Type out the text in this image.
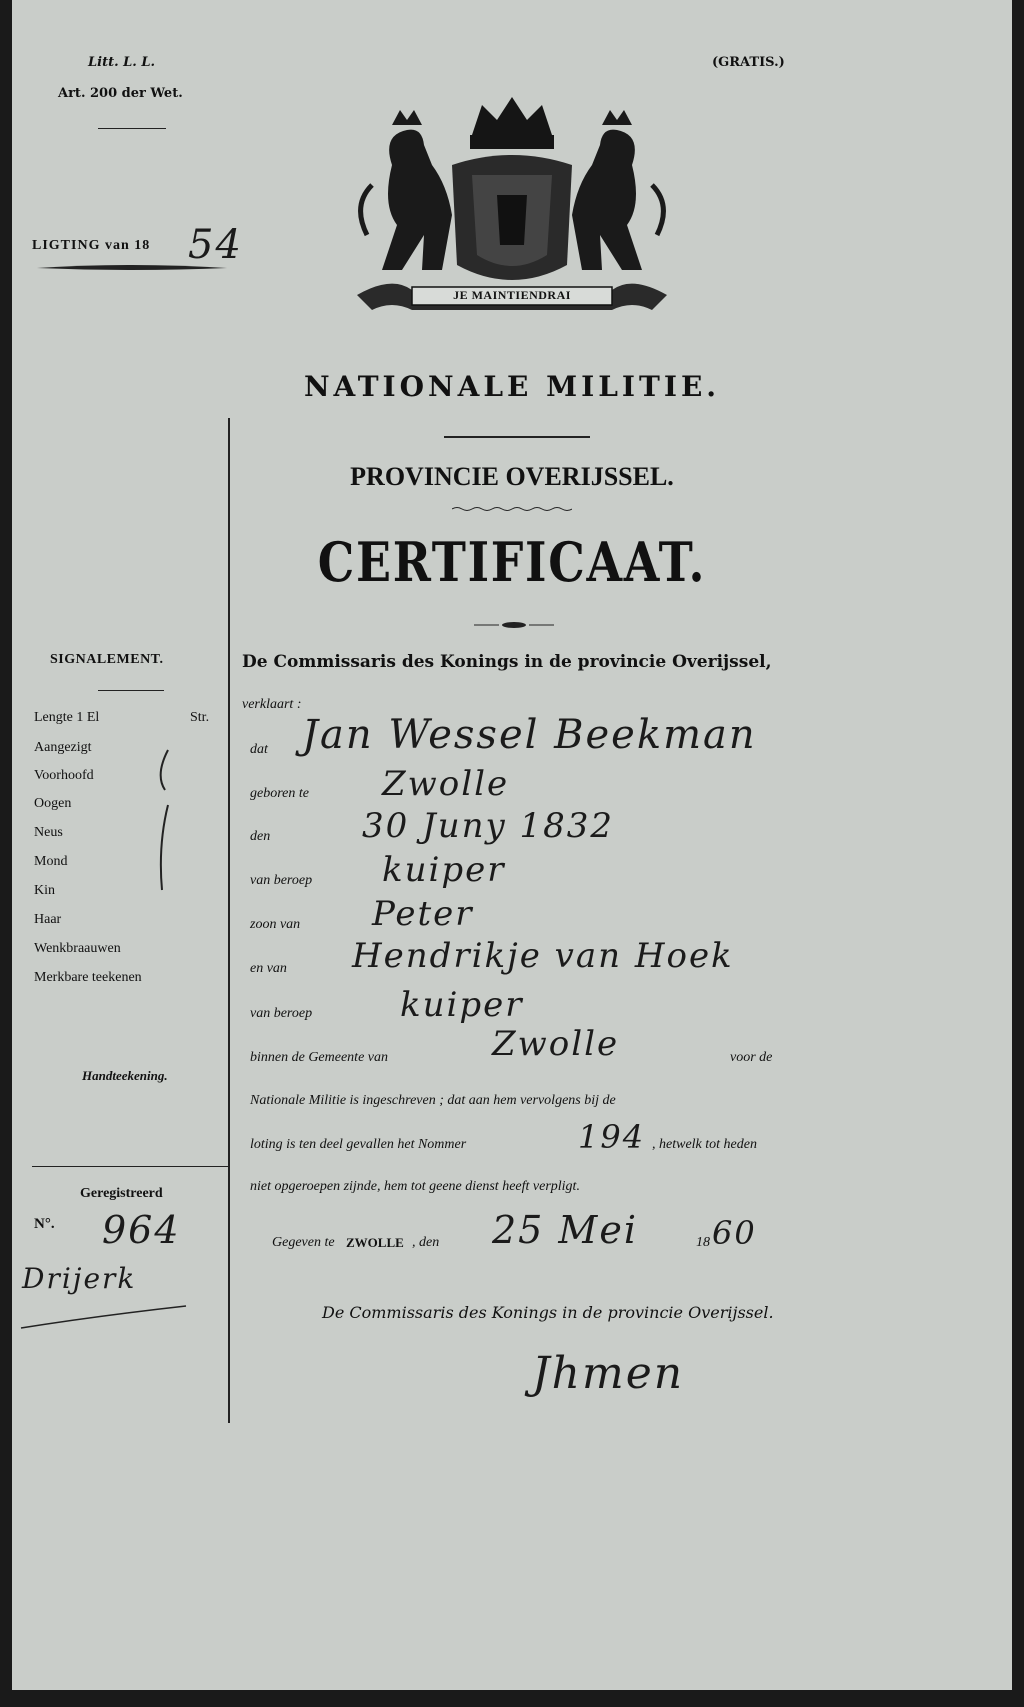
Litt. L. L.
Art. 200 der Wet.
(GRATIS.)
LIGTING van 18 54
JE MAINTIENDRAI
NATIONALE MILITIE.
PROVINCIE OVERIJSSEL.
CERTIFICAAT.
SIGNALEMENT.
Lengte 1 El	Str.
Aangezigt
Voorhoofd
Oogen
Neus
Mond
Kin
Haar
Wenkbraauwen
Merkbare teekenen
Handteekening.
Geregistreerd
N°. 964
Drijerk
De Commissaris des Konings in de provincie Overijssel,
verklaart :
dat Jan Wessel Beekman
geboren te Zwolle
den	30 Juny 1832
van beroep kuiper
zoon van Peter
en van Hendrikje van Hoek
van beroep	kuiper
binnen de Gemeente van	Zwolle	voor de
Nationale Militie is ingeschreven ; dat aan hem vervolgens bij de
loting is ten deel gevallen het Nommer	194 , hetwelk tot heden
niet opgeroepen zijnde, hem tot geene dienst heeft verpligt.
Gegeven te ZWOLLE , den 25 Mei	18 60
De Commissaris des Konings in de provincie Overijssel.
Jhmen
